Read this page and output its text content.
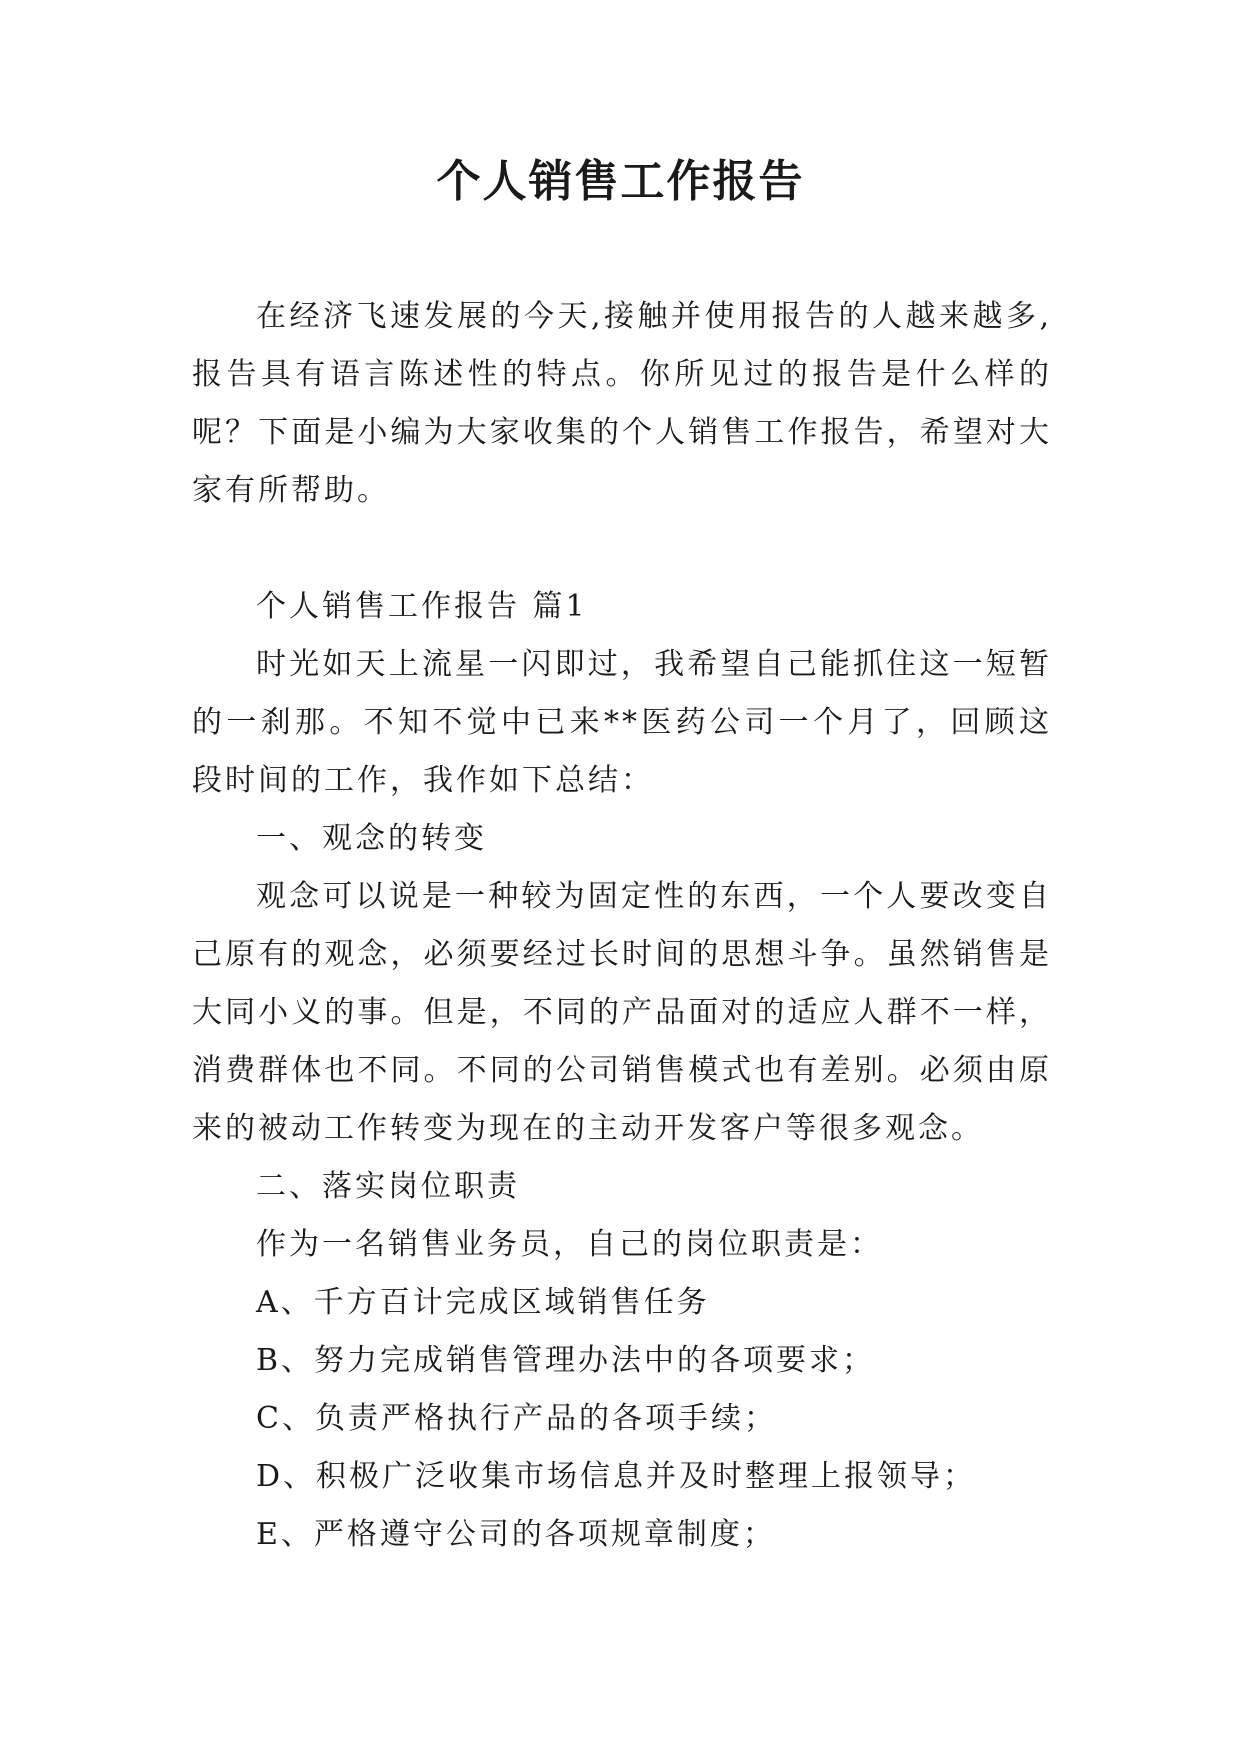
个人销售工作报告

在经济飞速发展的今天,接触并使用报告的人越来越多,报告具有语言陈述性的特点。你所见过的报告是什么样的呢？下面是小编为大家收集的个人销售工作报告，希望对大家有所帮助。

个人销售工作报告 篇1

时光如天上流星一闪即过，我希望自己能抓住这一短暂的一刹那。不知不觉中已来**医药公司一个月了，回顾这段时间的工作，我作如下总结：

一、观念的转变

观念可以说是一种较为固定性的东西，一个人要改变自己原有的观念，必须要经过长时间的思想斗争。虽然销售是大同小义的事。但是，不同的产品面对的适应人群不一样，消费群体也不同。不同的公司销售模式也有差别。必须由原来的被动工作转变为现在的主动开发客户等很多观念。

二、落实岗位职责

作为一名销售业务员，自己的岗位职责是：

A、千方百计完成区域销售任务

B、努力完成销售管理办法中的各项要求；

C、负责严格执行产品的各项手续；

D、积极广泛收集市场信息并及时整理上报领导；

E、严格遵守公司的各项规章制度；
